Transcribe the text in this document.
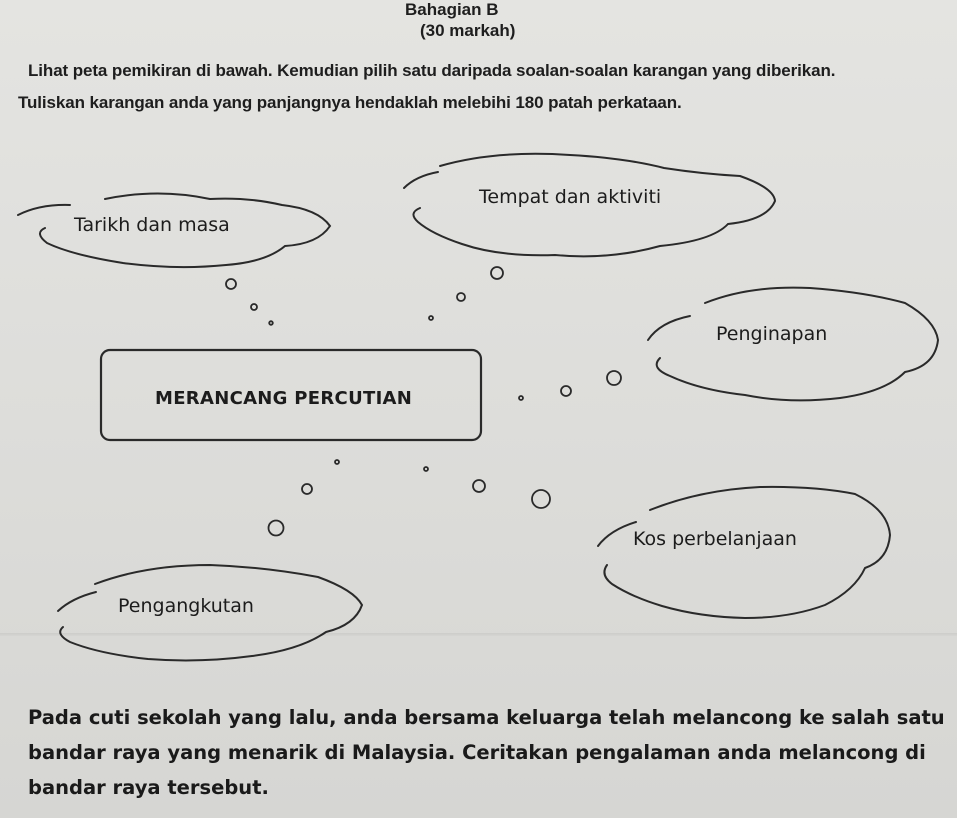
Bahagian B
(30 markah)
Lihat peta pemikiran di bawah. Kemudian pilih satu daripada soalan-soalan karangan yang diberikan.
Tuliskan karangan anda yang panjangnya hendaklah melebihi 180 patah perkataan.
Tarikh dan masa
Tempat dan aktiviti
Penginapan
MERANCANG PERCUTIAN
Kos perbelanjaan
Pengangkutan
Pada cuti sekolah yang lalu, anda bersama keluarga telah melancong ke salah satu bandar raya yang menarik di Malaysia. Ceritakan pengalaman anda melancong di bandar raya tersebut.
